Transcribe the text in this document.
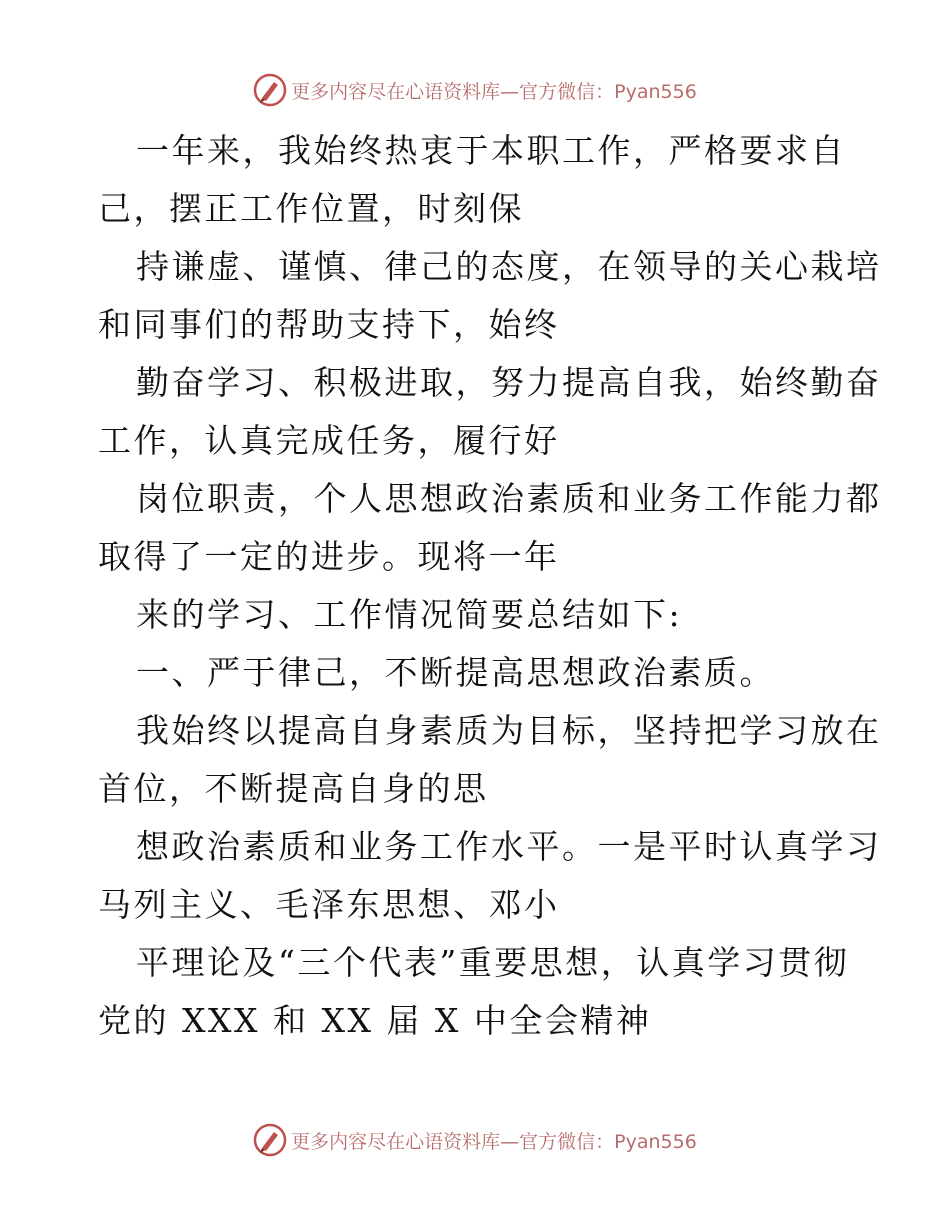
更多内容尽在心语资料库—官方微信：Pyan556
一年来，我始终热衷于本职工作，严格要求自
己，摆正工作位置，时刻保
持谦虚、谨慎、律己的态度，在领导的关心栽培
和同事们的帮助支持下，始终
勤奋学习、积极进取，努力提高自我，始终勤奋
工作，认真完成任务，履行好
岗位职责，个人思想政治素质和业务工作能力都
取得了一定的进步。现将一年
来的学习、工作情况简要总结如下:
一、严于律己，不断提高思想政治素质。
我始终以提高自身素质为目标，坚持把学习放在
首位，不断提高自身的思
想政治素质和业务工作水平。一是平时认真学习
马列主义、毛泽东思想、邓小
平理论及“三个代表”重要思想，认真学习贯彻
党的 XXX 和 XX 届 X 中全会精神
更多内容尽在心语资料库—官方微信：Pyan556
